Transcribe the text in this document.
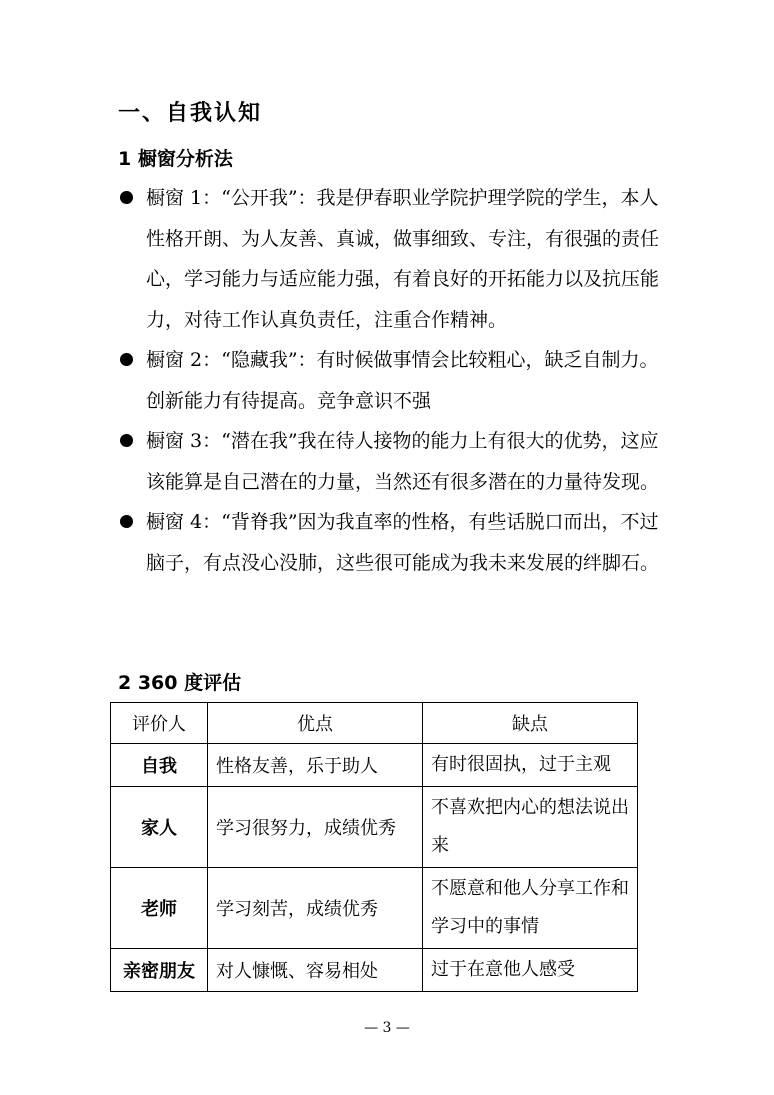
一、自我认知
1 橱窗分析法
橱窗 1：“公开我”：我是伊春职业学院护理学院的学生，本人性格开朗、为人友善、真诚，做事细致、专注，有很强的责任心，学习能力与适应能力强，有着良好的开拓能力以及抗压能力，对待工作认真负责任，注重合作精神。
橱窗 2：“隐藏我”：有时候做事情会比较粗心，缺乏自制力。创新能力有待提高。竞争意识不强
橱窗 3：“潜在我”我在待人接物的能力上有很大的优势，这应该能算是自己潜在的力量，当然还有很多潜在的力量待发现。
橱窗 4：“背脊我”因为我直率的性格，有些话脱口而出，不过脑子，有点没心没肺，这些很可能成为我未来发展的绊脚石。
2 360 度评估
评价人	优点	缺点
自我	性格友善，乐于助人	有时很固执，过于主观
家人	学习很努力，成绩优秀	不喜欢把内心的想法说出来
老师	学习刻苦，成绩优秀	不愿意和他人分享工作和学习中的事情
亲密朋友	对人慷慨、容易相处	过于在意他人感受
— 3 —
